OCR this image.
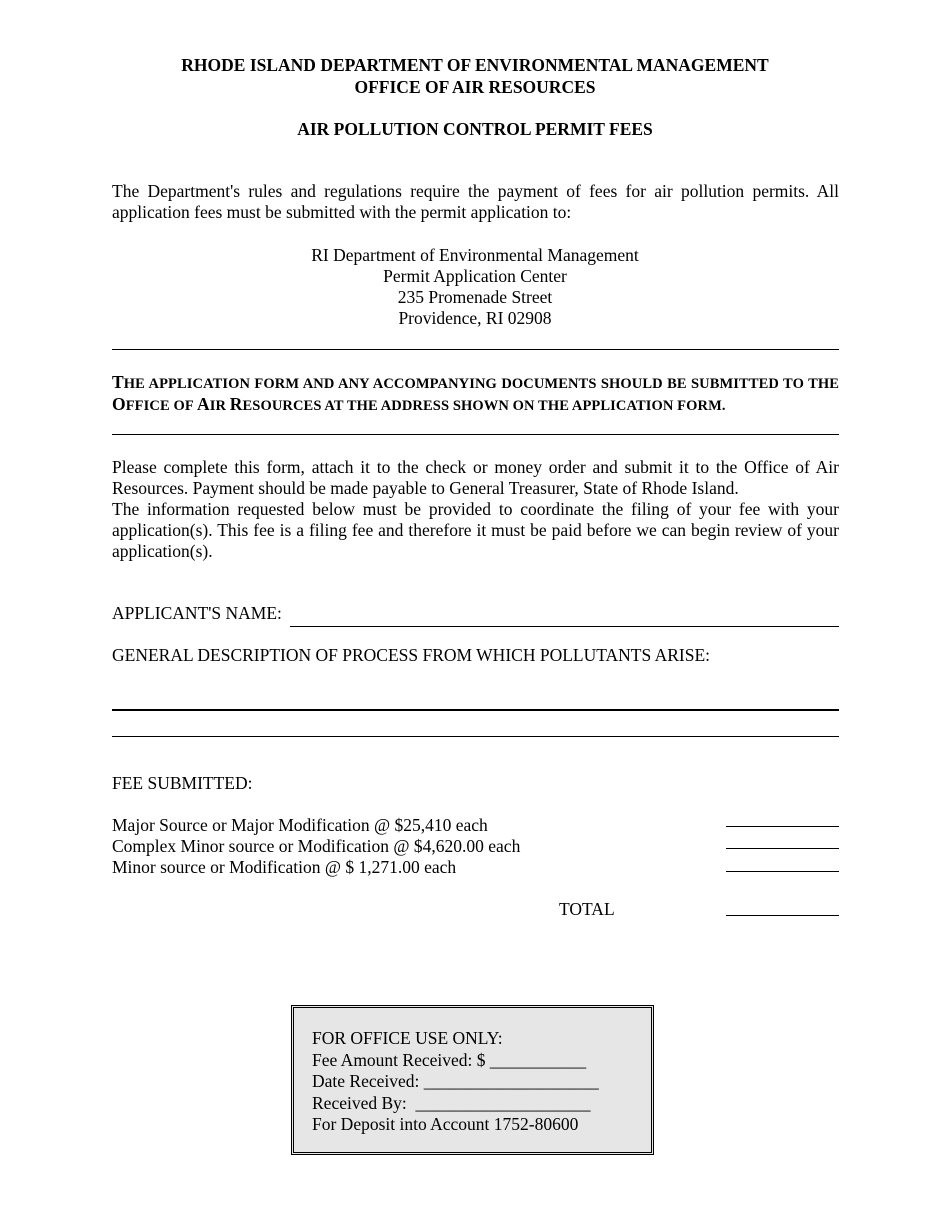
RHODE ISLAND DEPARTMENT OF ENVIRONMENTAL MANAGEMENT
OFFICE OF AIR RESOURCES
AIR POLLUTION CONTROL PERMIT FEES
The Department's rules and regulations require the payment of fees for air pollution permits. All application fees must be submitted with the permit application to:
RI Department of Environmental Management
Permit Application Center
235 Promenade Street
Providence, RI 02908
THE APPLICATION FORM AND ANY ACCOMPANYING DOCUMENTS SHOULD BE SUBMITTED TO THE
OFFICE OF AIR RESOURCES AT THE ADDRESS SHOWN ON THE APPLICATION FORM.
Please complete this form, attach it to the check or money order and submit it to the Office of Air Resources. Payment should be made payable to General Treasurer, State of Rhode Island.
The information requested below must be provided to coordinate the filing of your fee with your application(s). This fee is a filing fee and therefore it must be paid before we can begin review of your application(s).
APPLICANT'S NAME:
GENERAL DESCRIPTION OF PROCESS FROM WHICH POLLUTANTS ARISE:
FEE SUBMITTED:
Major Source or Major Modification @ $25,410 each
Complex Minor source or Modification @ $4,620.00 each
Minor source or Modification @ $ 1,271.00 each
TOTAL
FOR OFFICE USE ONLY:
Fee Amount Received: $ ___________
Date Received: ____________________
Received By:  ____________________
For Deposit into Account 1752-80600
